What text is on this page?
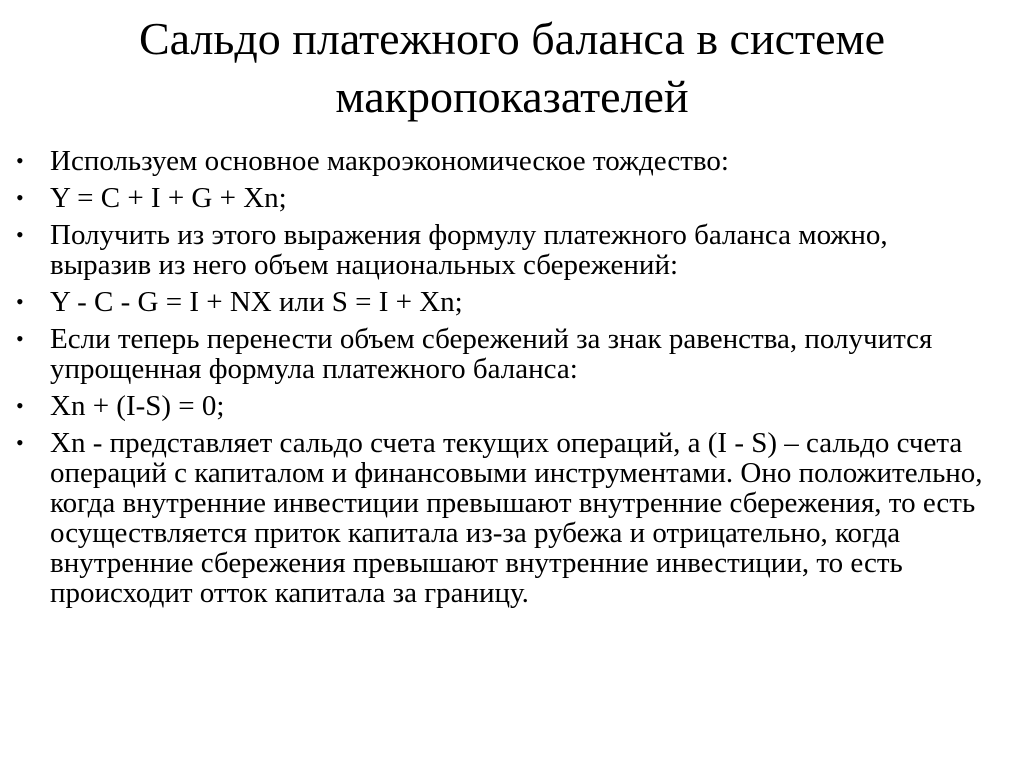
Сальдо платежного баланса в системе макропоказателей
• Используем основное макроэкономическое тождество:
• Y = C + I + G + Xn;
• Получить из этого выражения формулу платежного баланса можно, выразив из него объем национальных сбережений:
• Y - C - G = I + NX или S = I + Xn;
• Если теперь перенести объем сбережений за знак равенства, получится упрощенная формула платежного баланса:
• Xn + (I-S) = 0;
• Xn - представляет сальдо счета текущих операций, а (I - S) – сальдо счета операций с капиталом и финансовыми инструментами. Оно положительно, когда внутренние инвестиции превышают внутренние сбережения, то есть осуществляется приток капитала из-за рубежа и отрицательно, когда внутренние сбережения превышают внутренние инвестиции, то есть происходит отток капитала за границу.
